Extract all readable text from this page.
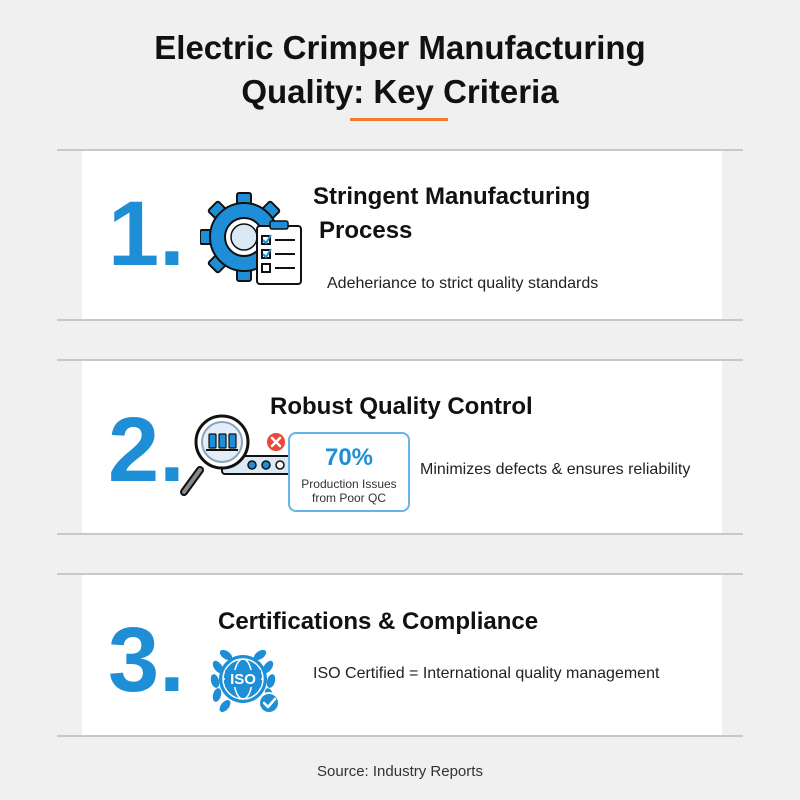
Electric Crimper Manufacturing
Quality: Key Criteria
1.	Stringent Manufacturing
Process
Adeheriance to strict quality standards
2.	70%
Production Issues
from Poor QC
Robust Quality Control
Minimizes defects & ensures reliability
3. Certifications & Compliance
ISO	ISO Certified = International quality management
Source: Industry Reports
